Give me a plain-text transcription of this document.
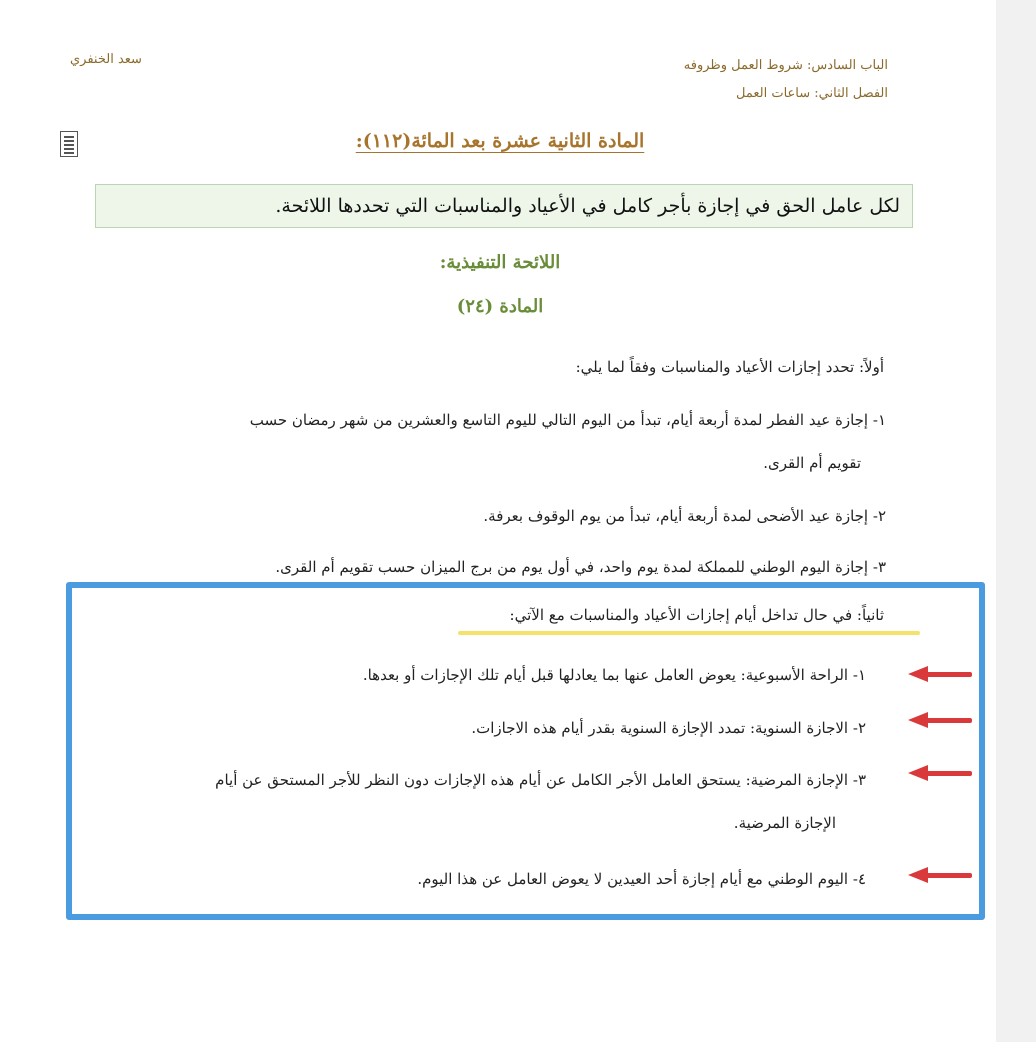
الباب السادس: شروط العمل وظروفه
الفصل الثاني: ساعات العمل
سعد الخنفري
المادة الثانية عشرة بعد المائة(١١٢):
لكل عامل الحق في إجازة بأجر كامل في الأعياد والمناسبات التي تحددها اللائحة.
اللائحة التنفيذية:
المادة (٢٤)
أولاً: تحدد إجازات الأعياد والمناسبات وفقاً لما يلي:
١- إجازة عيد الفطر لمدة أربعة أيام، تبدأ من اليوم التالي لليوم التاسع والعشرين من شهر رمضان حسب
تقويم أم القرى.
٢- إجازة عيد الأضحى لمدة أربعة أيام، تبدأ من يوم الوقوف بعرفة.
٣- إجازة اليوم الوطني للمملكة لمدة يوم واحد، في أول يوم من برج الميزان حسب تقويم أم القرى.
ثانياً: في حال تداخل أيام إجازات الأعياد والمناسبات مع الآتي:
١- الراحة الأسبوعية: يعوض العامل عنها بما يعادلها قبل أيام تلك الإجازات أو بعدها.
٢- الاجازة السنوية: تمدد الإجازة السنوية بقدر أيام هذه الاجازات.
٣- الإجازة المرضية: يستحق العامل الأجر الكامل عن أيام هذه الإجازات دون النظر للأجر المستحق عن أيام
الإجازة المرضية.
٤- اليوم الوطني مع أيام إجازة أحد العيدين لا يعوض العامل عن هذا اليوم.
